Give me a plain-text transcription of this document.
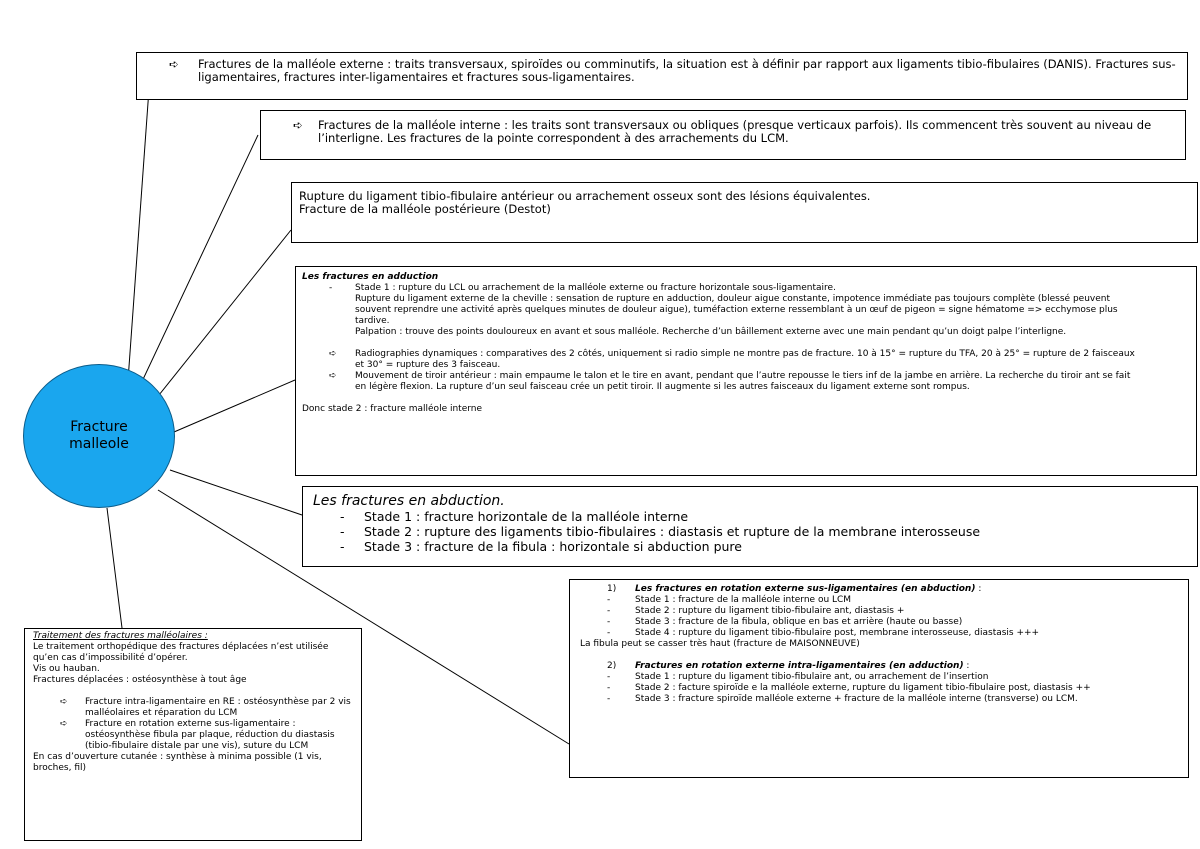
Fracture malleole
➪	Fractures de la malléole externe : traits transversaux, spiroïdes ou comminutifs, la situation est à définir par rapport aux ligaments tibio-fibulaires (DANIS). Fractures sus-ligamentaires, fractures inter-ligamentaires et fractures sous-ligamentaires.
➪	Fractures de la malléole interne : les traits sont transversaux ou obliques (presque verticaux parfois). Ils commencent très souvent au niveau de l’interligne. Les fractures de la pointe correspondent à des arrachements du LCM.

Rupture du ligament tibio-fibulaire antérieur ou arrachement osseux sont des lésions équivalentes.

Fracture de la malléole postérieure (Destot)

Les fractures en adduction

-	Stade 1 : rupture du LCL ou arrachement de la malléole externe ou fracture horizontale sous-ligamentaire.

Rupture du ligament externe de la cheville : sensation de rupture en adduction, douleur aigue constante, impotence immédiate pas toujours complète (blessé peuvent souvent reprendre une activité après quelques minutes de douleur aigue), tuméfaction externe ressemblant à un œuf de pigeon = signe hématome => ecchymose plus tardive.

Palpation : trouve des points douloureux en avant et sous malléole. Recherche d’un bâillement externe avec une main pendant qu’un doigt palpe l’interligne.

➪	Radiographies dynamiques : comparatives des 2 côtés, uniquement si radio simple ne montre pas de fracture. 10 à 15° = rupture du TFA, 20 à 25° = rupture de 2 faisceaux et 30° = rupture des 3 faisceau.

➪	Mouvement de tiroir antérieur : main empaume le talon et le tire en avant, pendant que l’autre repousse le tiers inf de la jambe en arrière. La recherche du tiroir ant se fait en légère flexion. La rupture d’un seul faisceau crée un petit tiroir. Il augmente si les autres faisceaux du ligament externe sont rompus.

Donc stade 2 : fracture malléole interne

Les fractures en abduction.

-	Stade 1 : fracture horizontale de la malléole interne

-	Stade 2 : rupture des ligaments tibio-fibulaires : diastasis et rupture de la membrane interosseuse

-	Stade 3 : fracture de la fibula : horizontale si abduction pure

1)	Les fractures en rotation externe sus-ligamentaires (en abduction) :

-	Stade 1 : fracture de la malléole interne ou LCM

-	Stade 2 : rupture du ligament tibio-fibulaire ant, diastasis +

-	Stade 3 : fracture de la fibula, oblique en bas et arrière (haute ou basse)

-	Stade 4 : rupture du ligament tibio-fibulaire post, membrane interosseuse, diastasis +++

La fibula peut se casser très haut (fracture de MAISONNEUVE)

2)	Fractures en rotation externe intra-ligamentaires (en adduction) :

-	Stade 1 : rupture du ligament tibio-fibulaire ant, ou arrachement de l’insertion

-	Stade 2 : facture spiroïde e la malléole externe, rupture du ligament tibio-fibulaire post, diastasis ++

-	Stade 3 : fracture spiroïde malléole externe + fracture de la malléole interne (transverse) ou LCM.

Traitement des fractures malléolaires :

Le traitement orthopédique des fractures déplacées n’est utilisée qu’en cas d’impossibilité d’opérer.

Vis ou hauban.

Fractures déplacées : ostéosynthèse à tout âge

➪	Fracture intra-ligamentaire en RE : ostéosynthèse par 2 vis malléolaires et réparation du LCM

➪	Fracture en rotation externe sus-ligamentaire : ostéosynthèse fibula par plaque, réduction du diastasis (tibio-fibulaire distale par une vis), suture du LCM

En cas d’ouverture cutanée : synthèse à minima possible (1 vis, broches, fil)
